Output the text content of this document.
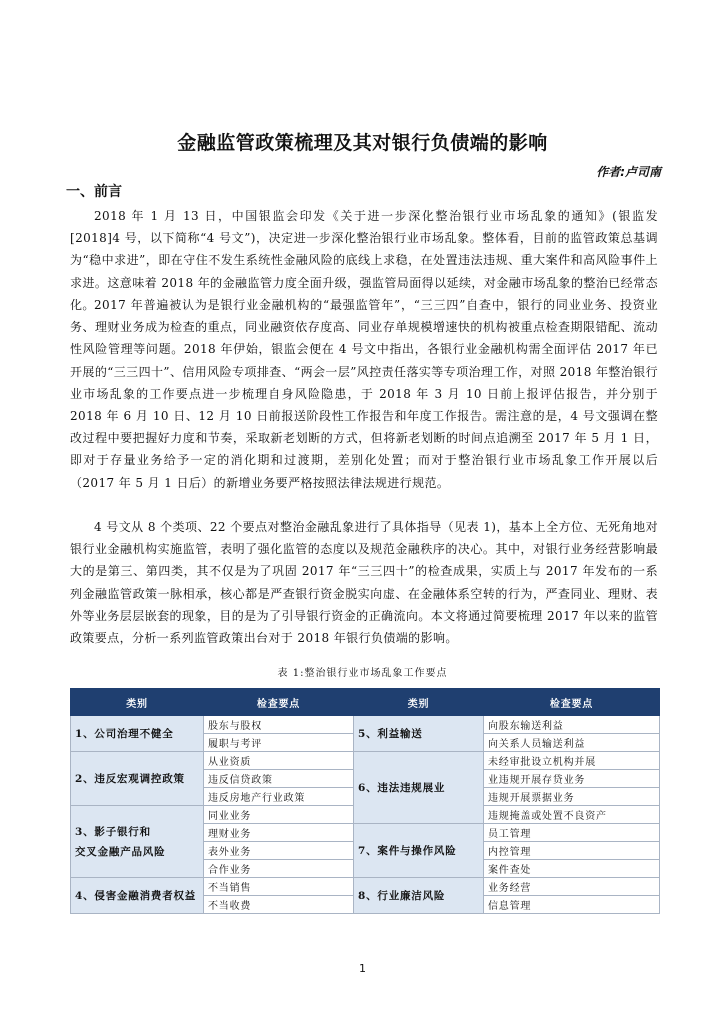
金融监管政策梳理及其对银行负债端的影响
作者:卢司南
一、前言

2018 年 1 月 13 日，中国银监会印发《关于进一步深化整治银行业市场乱象的通知》(银监发[2018]4 号，以下简称“4 号文”)，决定进一步深化整治银行业市场乱象。整体看，目前的监管政策总基调为“稳中求进”，即在守住不发生系统性金融风险的底线上求稳，在处置违法违规、重大案件和高风险事件上求进。这意味着 2018 年的金融监管力度全面升级，强监管局面得以延续，对金融市场乱象的整治已经常态化。 2017 年普遍被认为是银行业金融机构的“最强监管年”，“三三四”自查中，银行的同业业务、投资业务、理财业务成为检查的重点，同业融资依存度高、同业存单规模增速快的机构被重点检查期限错配、流动性风险管理等问题。2018 年伊始，银监会便在 4 号文中指出，各银行业金融机构需全面评估 2017 年已开展的“三三四十”、信用风险专项排查、“两会一层”风控责任落实等专项治理工作，对照 2018 年整治银行业市场乱象的工作要点进一步梳理自身风险隐患，于 2018 年 3 月 10 日前上报评估报告，并分别于 2018 年 6 月 10 日、12 月 10 日前报送阶段性工作报告和年度工作报告。需注意的是，4 号文强调在整改过程中要把握好力度和节奏，采取新老划断的方式，但将新老划断的时间点追溯至 2017 年 5 月 1 日，即对于存量业务给予一定的消化期和过渡期，差别化处置；而对于整治银行业市场乱象工作开展以后（2017 年 5 月 1 日后）的新增业务要严格按照法律法规进行规范。

4 号文从 8 个类项、22 个要点对整治金融乱象进行了具体指导（见表 1)，基本上全方位、无死角地对银行业金融机构实施监管，表明了强化监管的态度以及规范金融秩序的决心。其中，对银行业务经营影响最大的是第三、第四类，其不仅是为了巩固 2017 年“三三四十”的检查成果，实质上与 2017 年发布的一系列金融监管政策一脉相承，核心都是严查银行资金脱实向虚、在金融体系空转的行为，严查同业、理财、表外等业务层层嵌套的现象，目的是为了引导银行资金的正确流向。本文将通过简要梳理 2017 年以来的监管政策要点，分析一系列监管政策出台对于 2018 年银行负债端的影响。

表 1:整治银行业市场乱象工作要点
类别	检查要点	类别	检查要点
1、公司治理不健全	股东与股权	5、利益输送	向股东输送利益
	履职与考评		向关系人员输送利益
2、违反宏观调控政策	从业资质	6、违法违规展业	未经审批设立机构并展
	违反信贷政策		业违规开展存贷业务
	违反房地产行业政策		违规开展票据业务
3、影子银行和
交叉金融产品风险	同业业务		违规掩盖或处置不良资产
	理财业务	7、案件与操作风险	员工管理
	表外业务		内控管理
	合作业务		案件查处
4、侵害金融消费者权益	不当销售	8、行业廉洁风险	业务经营
	不当收费		信息管理
1
